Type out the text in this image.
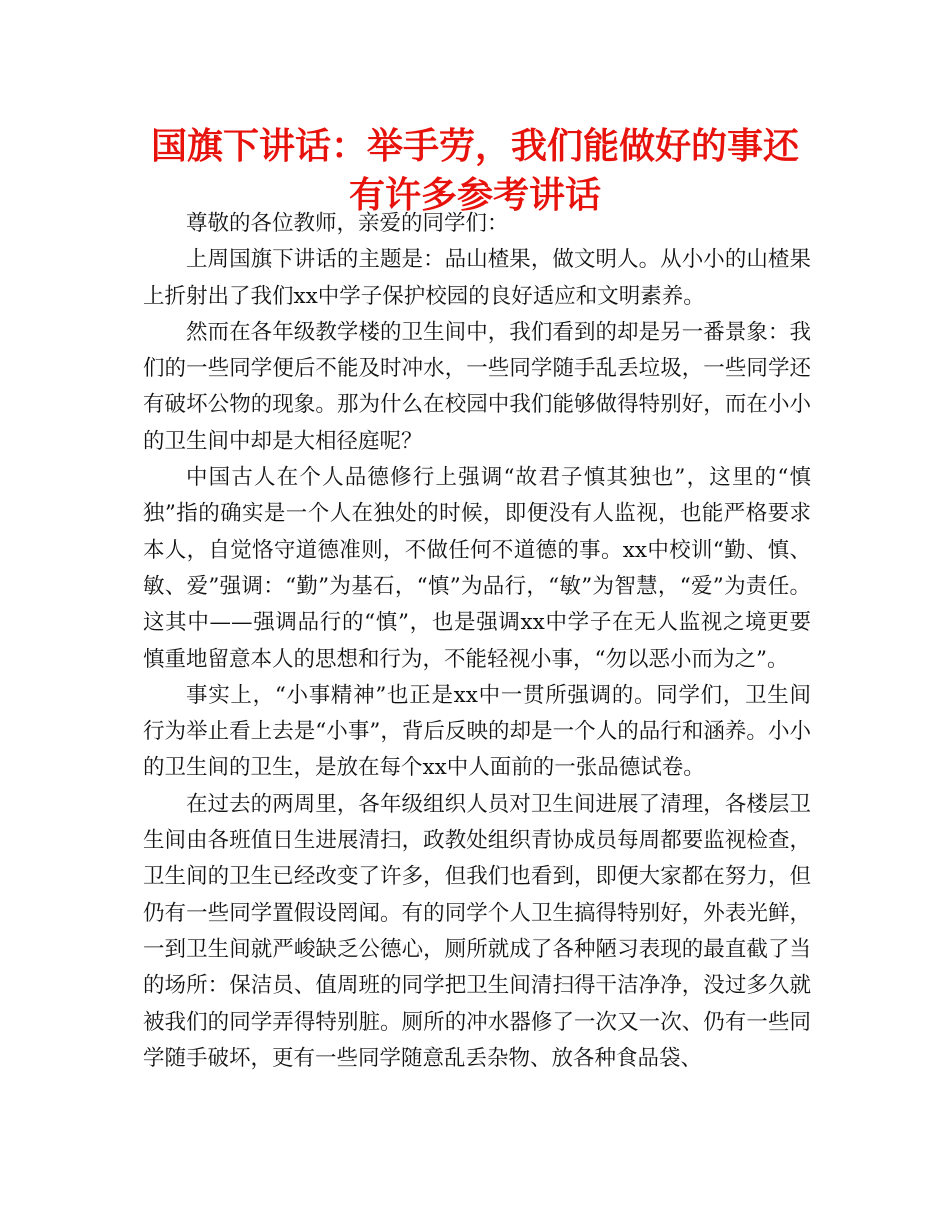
国旗下讲话：举手劳，我们能做好的事还
有许多参考讲话

尊敬的各位教师，亲爱的同学们：

上周国旗下讲话的主题是：品山楂果，做文明人。从小小的山楂果上折射出了我们xx中学子保护校园的良好适应和文明素养。

然而在各年级教学楼的卫生间中，我们看到的却是另一番景象：我们的一些同学便后不能及时冲水，一些同学随手乱丢垃圾，一些同学还有破坏公物的现象。那为什么在校园中我们能够做得特别好，而在小小的卫生间中却是大相径庭呢？

中国古人在个人品德修行上强调“故君子慎其独也”，这里的“慎独”指的确实是一个人在独处的时候，即便没有人监视，也能严格要求本人，自觉恪守道德准则，不做任何不道德的事。xx中校训“勤、慎、敏、爱”强调：“勤”为基石，“慎”为品行，“敏”为智慧，“爱”为责任。这其中——强调品行的“慎”，也是强调xx中学子在无人监视之境更要慎重地留意本人的思想和行为，不能轻视小事，“勿以恶小而为之”。

事实上，“小事精神”也正是xx中一贯所强调的。同学们，卫生间行为举止看上去是“小事”，背后反映的却是一个人的品行和涵养。小小的卫生间的卫生，是放在每个xx中人面前的一张品德试卷。

在过去的两周里，各年级组织人员对卫生间进展了清理，各楼层卫生间由各班值日生进展清扫，政教处组织青协成员每周都要监视检查，卫生间的卫生已经改变了许多，但我们也看到，即便大家都在努力，但仍有一些同学置假设罔闻。有的同学个人卫生搞得特别好，外表光鲜，一到卫生间就严峻缺乏公德心，厕所就成了各种陋习表现的最直截了当的场所：保洁员、值周班的同学把卫生间清扫得干洁净净，没过多久就被我们的同学弄得特别脏。厕所的冲水器修了一次又一次、仍有一些同学随手破坏，更有一些同学随意乱丢杂物、放各种食品袋、
